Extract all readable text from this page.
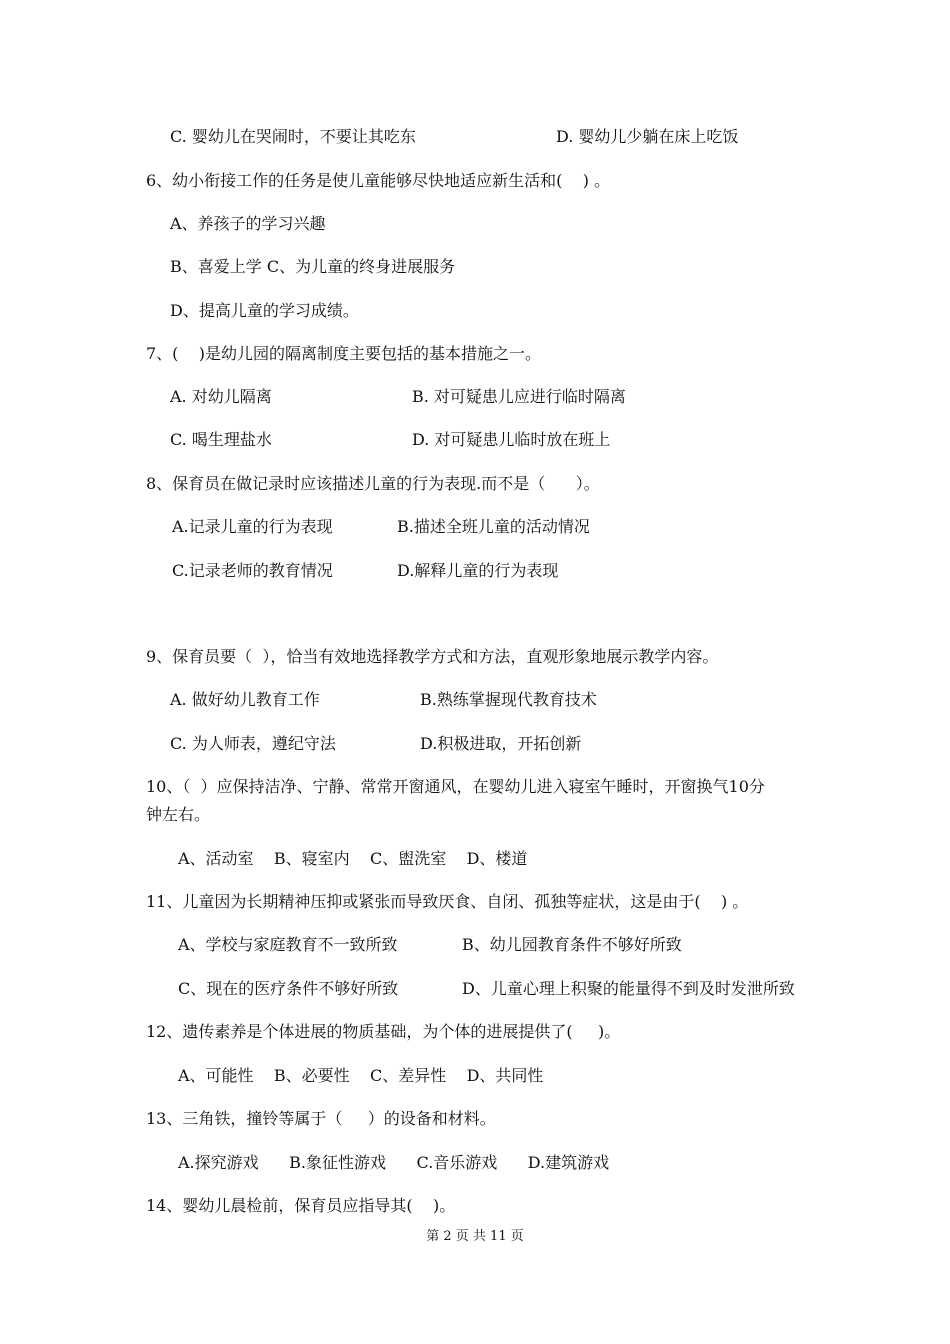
C. 婴幼儿在哭闹时，不要让其吃东	D. 婴幼儿少躺在床上吃饭
6、幼小衔接工作的任务是使儿童能够尽快地适应新生活和(    ) 。
A、养孩子的学习兴趣
B、喜爱上学 C、为儿童的终身进展服务
D、提高儿童的学习成绩。
7、(    )是幼儿园的隔离制度主要包括的基本措施之一。
A. 对幼儿隔离	B. 对可疑患儿应进行临时隔离
C. 喝生理盐水	D. 对可疑患儿临时放在班上
8、保育员在做记录时应该描述儿童的行为表现.而不是（      ）。
A.记录儿童的行为表现	B.描述全班儿童的活动情况
C.记录老师的教育情况	D.解释儿童的行为表现
9、保育员要（  ），恰当有效地选择教学方式和方法，直观形象地展示教学内容。
A. 做好幼儿教育工作	B.熟练掌握现代教育技术
C. 为人师表，遵纪守法	D.积极进取，开拓创新
10、（  ）应保持洁净、宁静、常常开窗通风，在婴幼儿进入寝室午睡时，开窗换气10分
钟左右。
A、活动室    B、寝室内    C、盥洗室    D、楼道
11、儿童因为长期精神压抑或紧张而导致厌食、自闭、孤独等症状，这是由于(    ) 。
A、学校与家庭教育不一致所致	B、幼儿园教育条件不够好所致
C、现在的医疗条件不够好所致	D、儿童心理上积聚的能量得不到及时发泄所致
12、遗传素养是个体进展的物质基础，为个体的进展提供了(     )。
A、可能性    B、必要性    C、差异性    D、共同性
13、三角铁，撞铃等属于（     ）的设备和材料。
A.探究游戏      B.象征性游戏      C.音乐游戏      D.建筑游戏
14、婴幼儿晨检前，保育员应指导其(    )。
第 2 页 共 11 页
